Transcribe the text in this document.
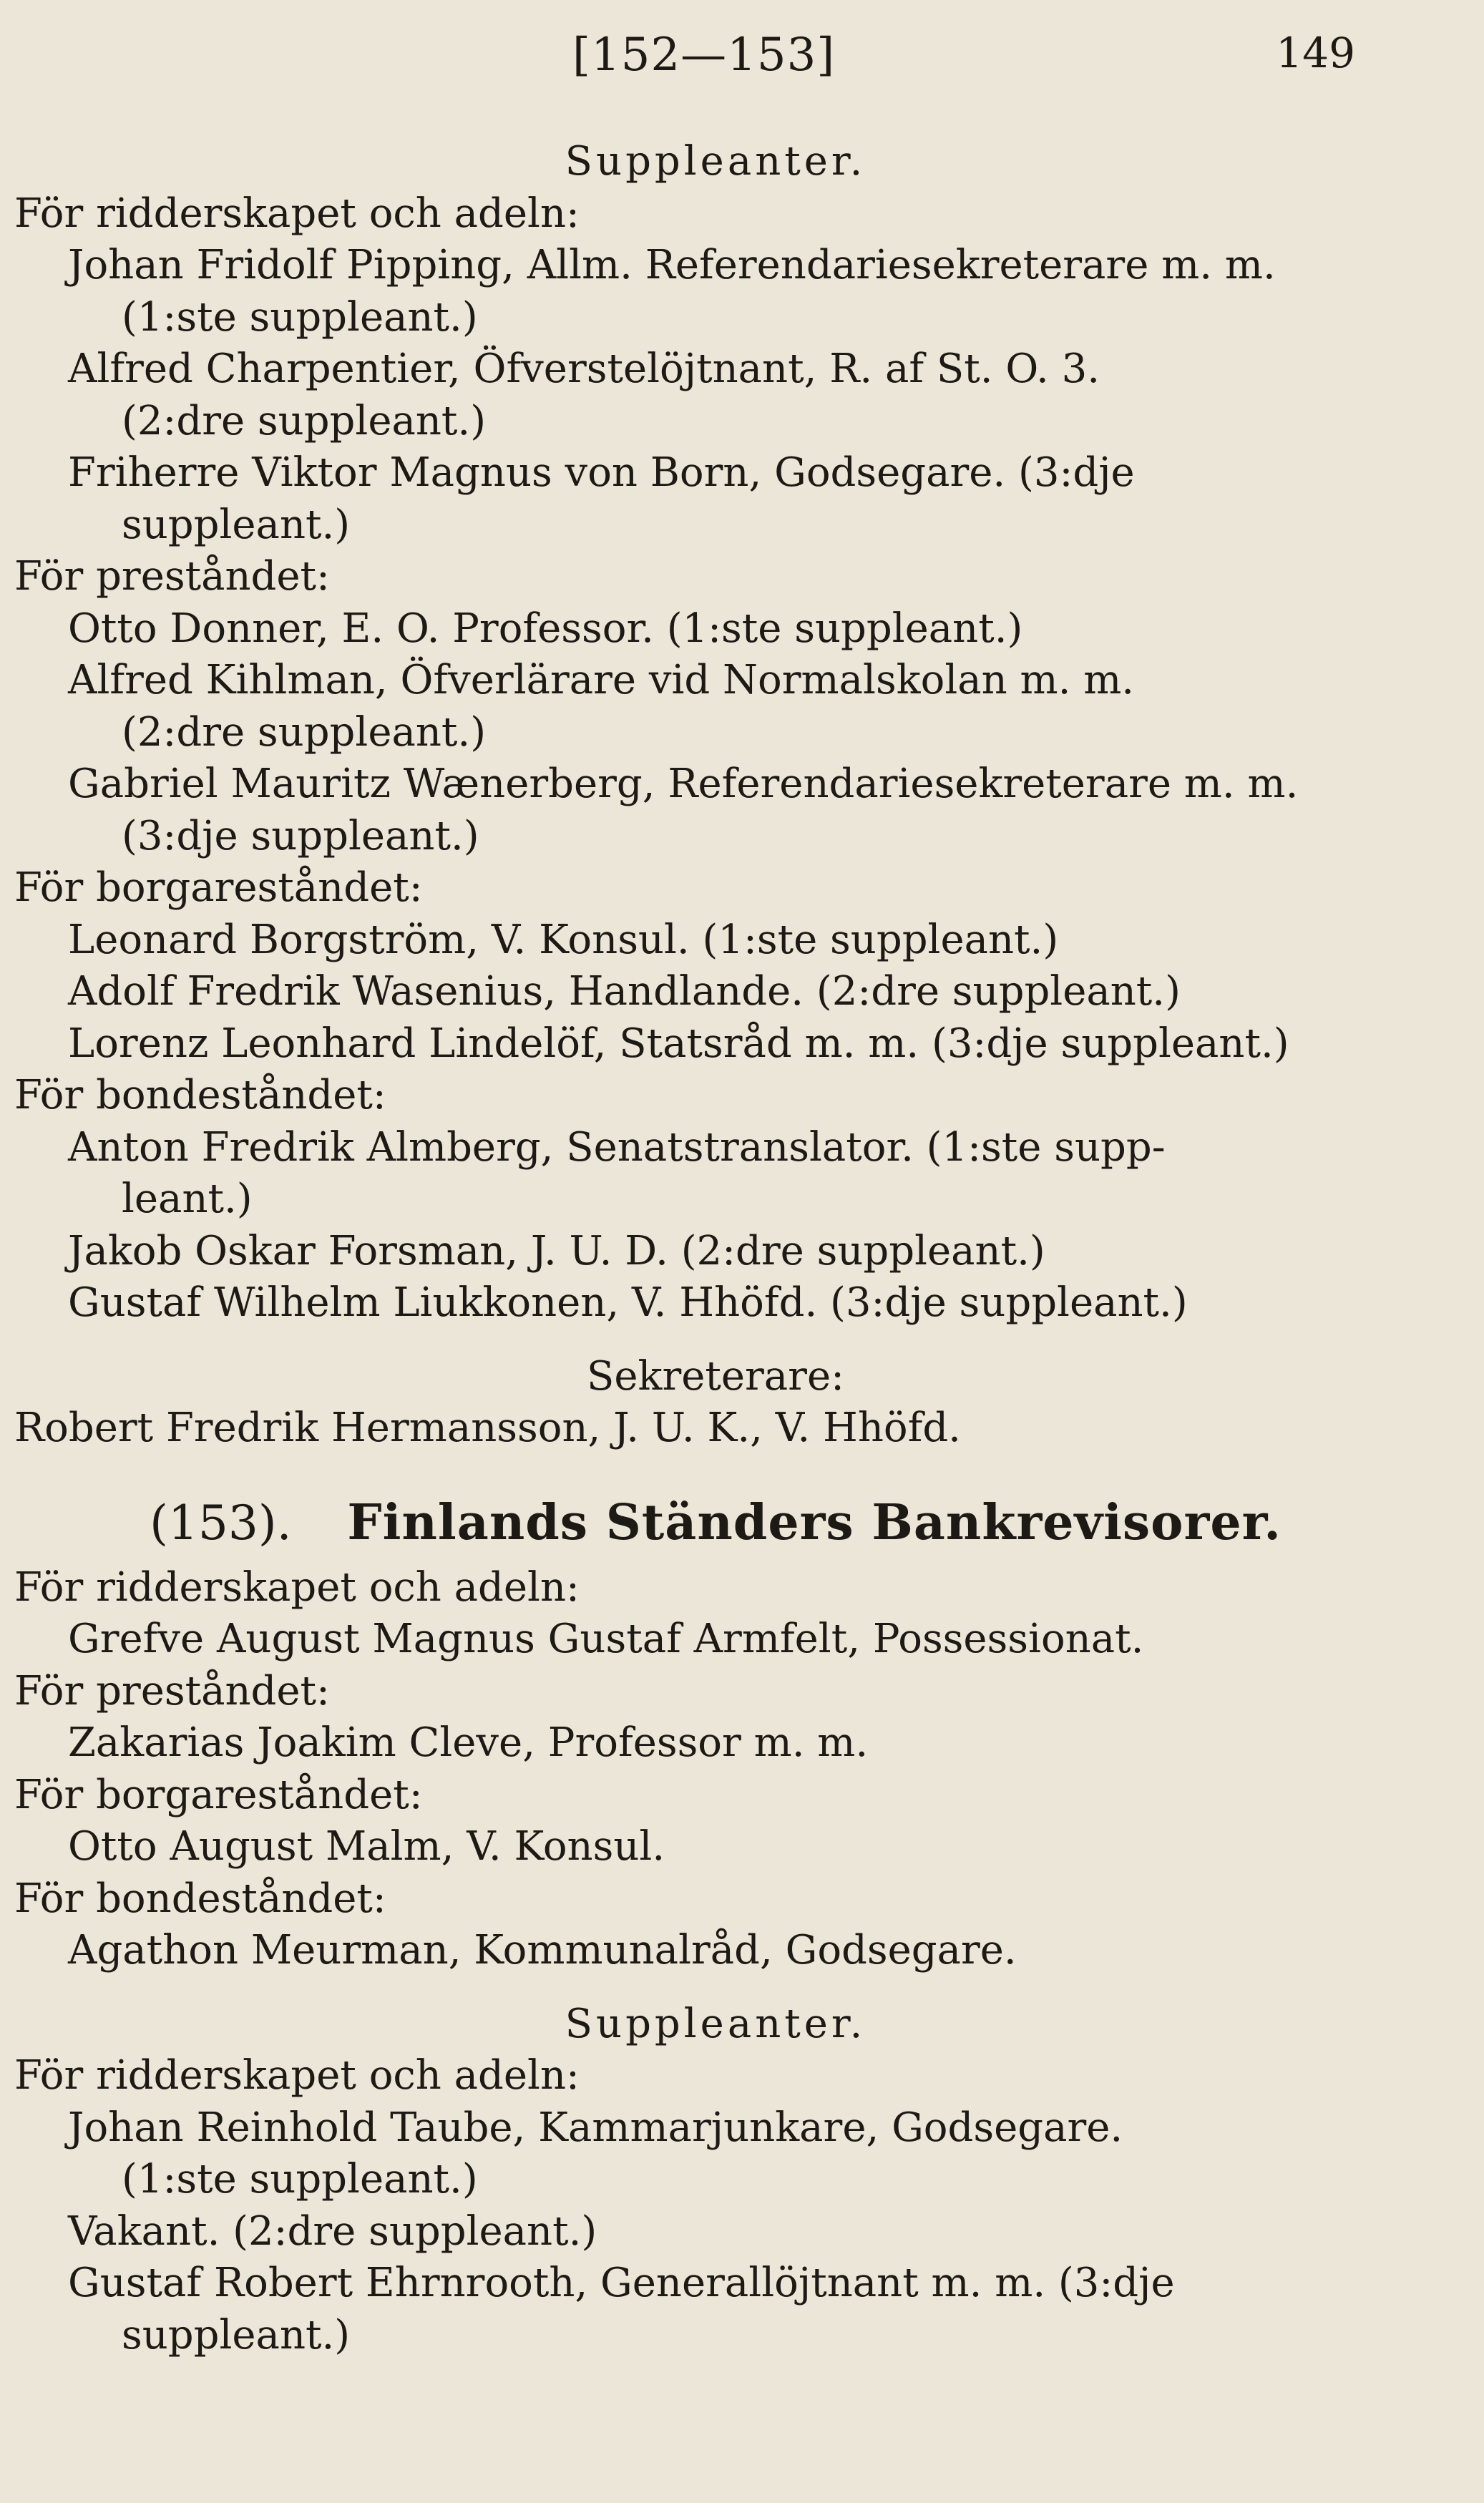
[152—153]	149
Suppleanter.
För ridderskapet och adeln:
Johan Fridolf Pipping, Allm. Referendariesekreterare m. m.
(1:ste suppleant.)
Alfred Charpentier, Öfverstelöjtnant, R. af St. O. 3.
(2:dre suppleant.)
Friherre Viktor Magnus von Born, Godsegare. (3:dje
suppleant.)
För preståndet:
Otto Donner, E. O. Professor. (1:ste suppleant.)
Alfred Kihlman, Öfverlärare vid Normalskolan m. m.
(2:dre suppleant.)
Gabriel Mauritz Wænerberg, Referendariesekreterare m. m.
(3:dje suppleant.)
För borgareståndet:
Leonard Borgström, V. Konsul. (1:ste suppleant.)
Adolf Fredrik Wasenius, Handlande. (2:dre suppleant.)
Lorenz Leonhard Lindelöf, Statsråd m. m. (3:dje suppleant.)
För bondeståndet:
Anton Fredrik Almberg, Senatstranslator. (1:ste supp-
leant.)
Jakob Oskar Forsman, J. U. D. (2:dre suppleant.)
Gustaf Wilhelm Liukkonen, V. Hhöfd. (3:dje suppleant.)
Sekreterare:
Robert Fredrik Hermansson, J. U. K., V. Hhöfd.
(153). Finlands Ständers Bankrevisorer.
För ridderskapet och adeln:
Grefve August Magnus Gustaf Armfelt, Possessionat.
För preståndet:
Zakarias Joakim Cleve, Professor m. m.
För borgareståndet:
Otto August Malm, V. Konsul.
För bondeståndet:
Agathon Meurman, Kommunalråd, Godsegare.
Suppleanter.
För ridderskapet och adeln:
Johan Reinhold Taube, Kammarjunkare, Godsegare.
(1:ste suppleant.)
Vakant. (2:dre suppleant.)
Gustaf Robert Ehrnrooth, Generallöjtnant m. m. (3:dje
suppleant.)
